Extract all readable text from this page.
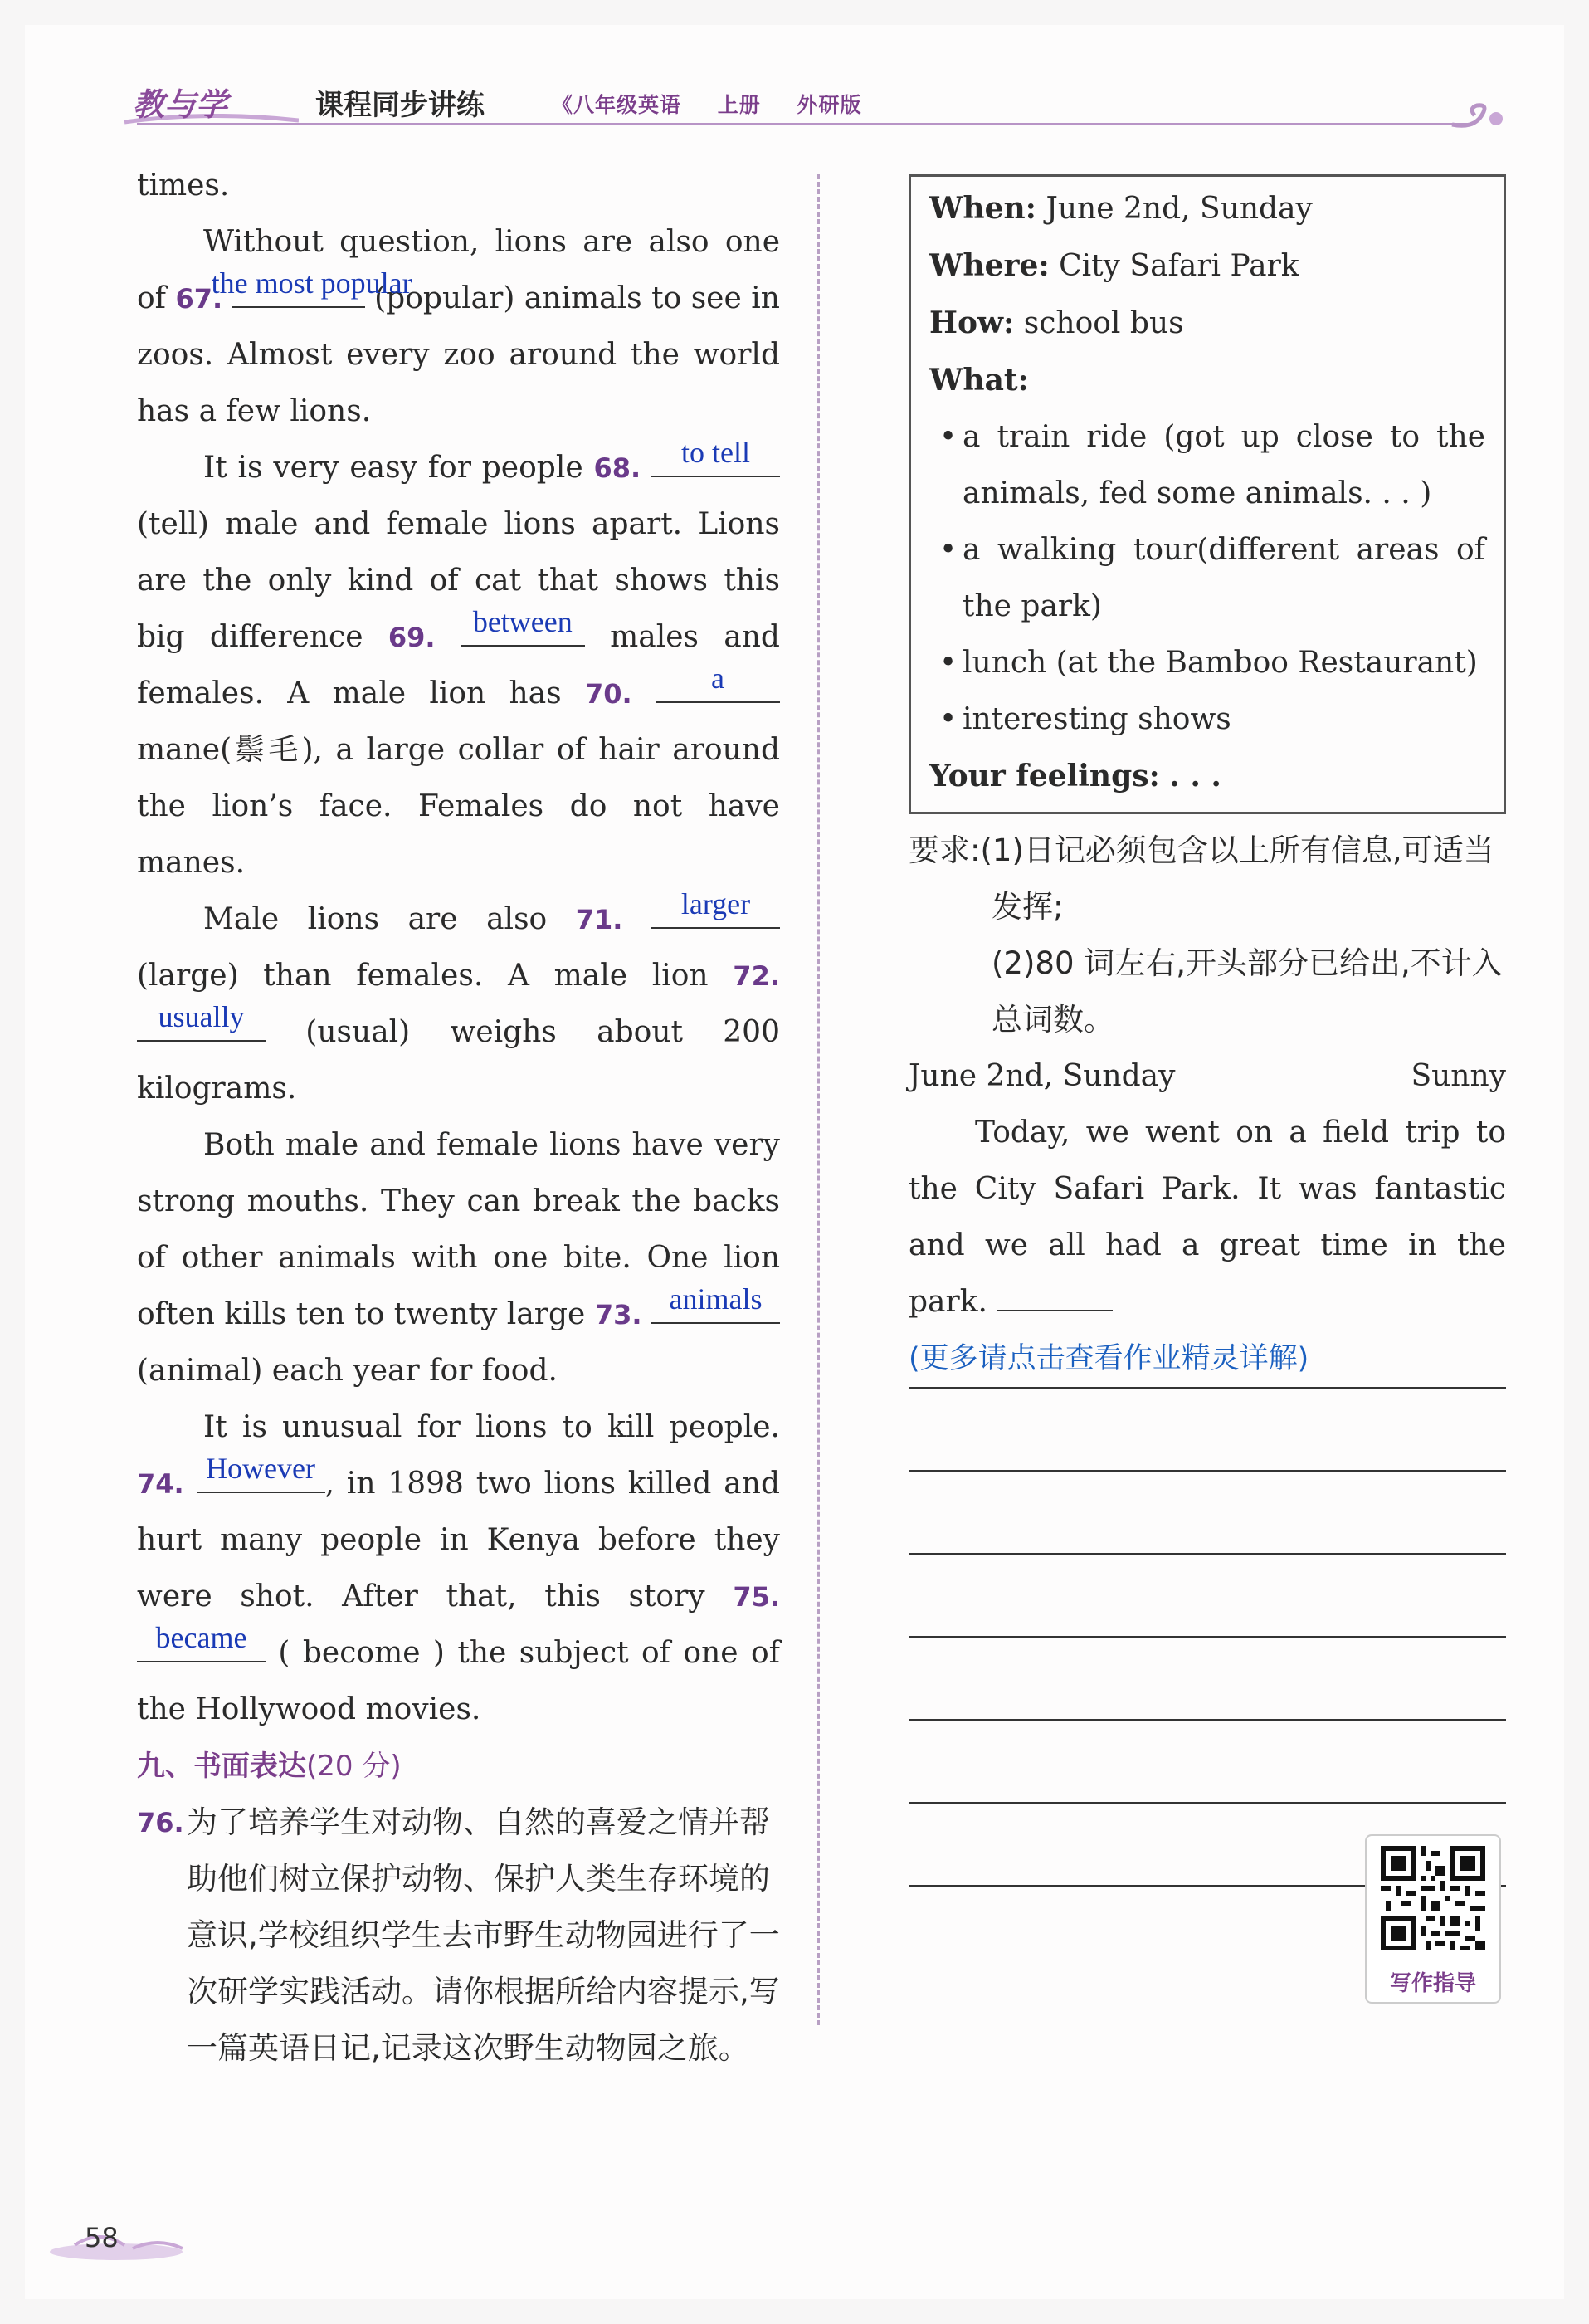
教与学	课程同步讲练	《八年级英语 上册 外研版

times.

Without question, lions are also one of 67.
the most popular
(popular) animals to see in zoos. Almost every zoo around the world has a few lions.

It is very easy for people 68.	to tell
(tell) male and female lions apart. Lions are the only kind of cat that shows this big difference 69.	between	males and females. A male lion has 70.	a
mane(鬃毛), a large collar of hair around the lion’s face. Females do not have manes.

Male lions are also 71.	larger
(large) than females. A male lion 72.
usually	(usual) weighs about 200 kilograms.

Both male and female lions have very strong mouths. They can break the backs of other animals with one bite. One lion often kills ten to twenty large 73. animals
(animal) each year for food.

It is unusual for lions to kill people. 74. However , in 1898 two lions killed and hurt many people in Kenya before they were shot. After that, this story 75.
became	( become ) the subject of one of the Hollywood movies.

九、书面表达(20 分)

76. 为了培养学生对动物、自然的喜爱之情并帮助他们树立保护动物、保护人类生存环境的意识,学校组织学生去市野生动物园进行了一次研学实践活动。请你根据所给内容提示,写一篇英语日记,记录这次野生动物园之旅。
When: June 2nd, Sunday
Where: City Safari Park
How: school bus
What:
• a train ride (got up close to the animals, fed some animals. . . )
• a walking tour(different areas of the park)
• lunch (at the Bamboo Restaurant)
• interesting shows
Your feelings: . . .

要求:(1)日记必须包含以上所有信息,可适当发挥;

(2)80 词左右,开头部分已给出,不计入总词数。

June 2nd, Sunday	Sunny

Today, we went on a field trip to the City Safari Park. It was fantastic and we all had a great time in the park.

(更多请点击查看作业精灵详解)
写作指导
58
